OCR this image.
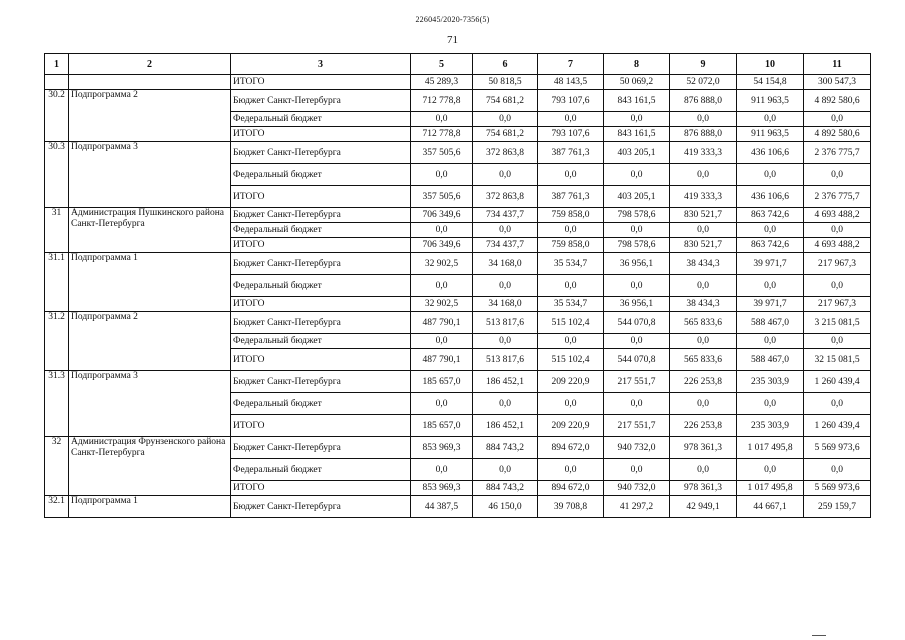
226045/2020-7356(5)
71
1	2	3	5	6	7	8	9	10	11
		ИТОГО	45 289,3	50 818,5	48 143,5	50 069,2	52 072,0	54 154,8	300 547,3
30.2	Подпрограмма 2	Бюджет Санкт-Петербурга	712 778,8	754 681,2	793 107,6	843 161,5	876 888,0	911 963,5	4 892 580,6
		Федеральный бюджет	0,0	0,0	0,0	0,0	0,0	0,0	0,0
		ИТОГО	712 778,8	754 681,2	793 107,6	843 161,5	876 888,0	911 963,5	4 892 580,6
30.3	Подпрограмма 3	Бюджет Санкт-Петербурга	357 505,6	372 863,8	387 761,3	403 205,1	419 333,3	436 106,6	2 376 775,7
		Федеральный бюджет	0,0	0,0	0,0	0,0	0,0	0,0	0,0
		ИТОГО	357 505,6	372 863,8	387 761,3	403 205,1	419 333,3	436 106,6	2 376 775,7
31	Администрация Пушкинского района Санкт-Петербурга	Бюджет Санкт-Петербурга	706 349,6	734 437,7	759 858,0	798 578,6	830 521,7	863 742,6	4 693 488,2
		Федеральный бюджет	0,0	0,0	0,0	0,0	0,0	0,0	0,0
		ИТОГО	706 349,6	734 437,7	759 858,0	798 578,6	830 521,7	863 742,6	4 693 488,2
31.1	Подпрограмма 1	Бюджет Санкт-Петербурга	32 902,5	34 168,0	35 534,7	36 956,1	38 434,3	39 971,7	217 967,3
		Федеральный бюджет	0,0	0,0	0,0	0,0	0,0	0,0	0,0
		ИТОГО	32 902,5	34 168,0	35 534,7	36 956,1	38 434,3	39 971,7	217 967,3
31.2	Подпрограмма 2	Бюджет Санкт-Петербурга	487 790,1	513 817,6	515 102,4	544 070,8	565 833,6	588 467,0	3 215 081,5
		Федеральный бюджет	0,0	0,0	0,0	0,0	0,0	0,0	0,0
		ИТОГО	487 790,1	513 817,6	515 102,4	544 070,8	565 833,6	588 467,0	32 15 081,5
31.3	Подпрограмма 3	Бюджет Санкт-Петербурга	185 657,0	186 452,1	209 220,9	217 551,7	226 253,8	235 303,9	1 260 439,4
		Федеральный бюджет	0,0	0,0	0,0	0,0	0,0	0,0	0,0
		ИТОГО	185 657,0	186 452,1	209 220,9	217 551,7	226 253,8	235 303,9	1 260 439,4
32	Администрация Фрунзенского района Санкт-Петербурга	Бюджет Санкт-Петербурга	853 969,3	884 743,2	894 672,0	940 732,0	978 361,3	1 017 495,8	5 569 973,6
		Федеральный бюджет	0,0	0,0	0,0	0,0	0,0	0,0	0,0
		ИТОГО	853 969,3	884 743,2	894 672,0	940 732,0	978 361,3	1 017 495,8	5 569 973,6
32.1	Подпрограмма 1	Бюджет Санкт-Петербурга	44 387,5	46 150,0	39 708,8	41 297,2	42 949,1	44 667,1	259 159,7
